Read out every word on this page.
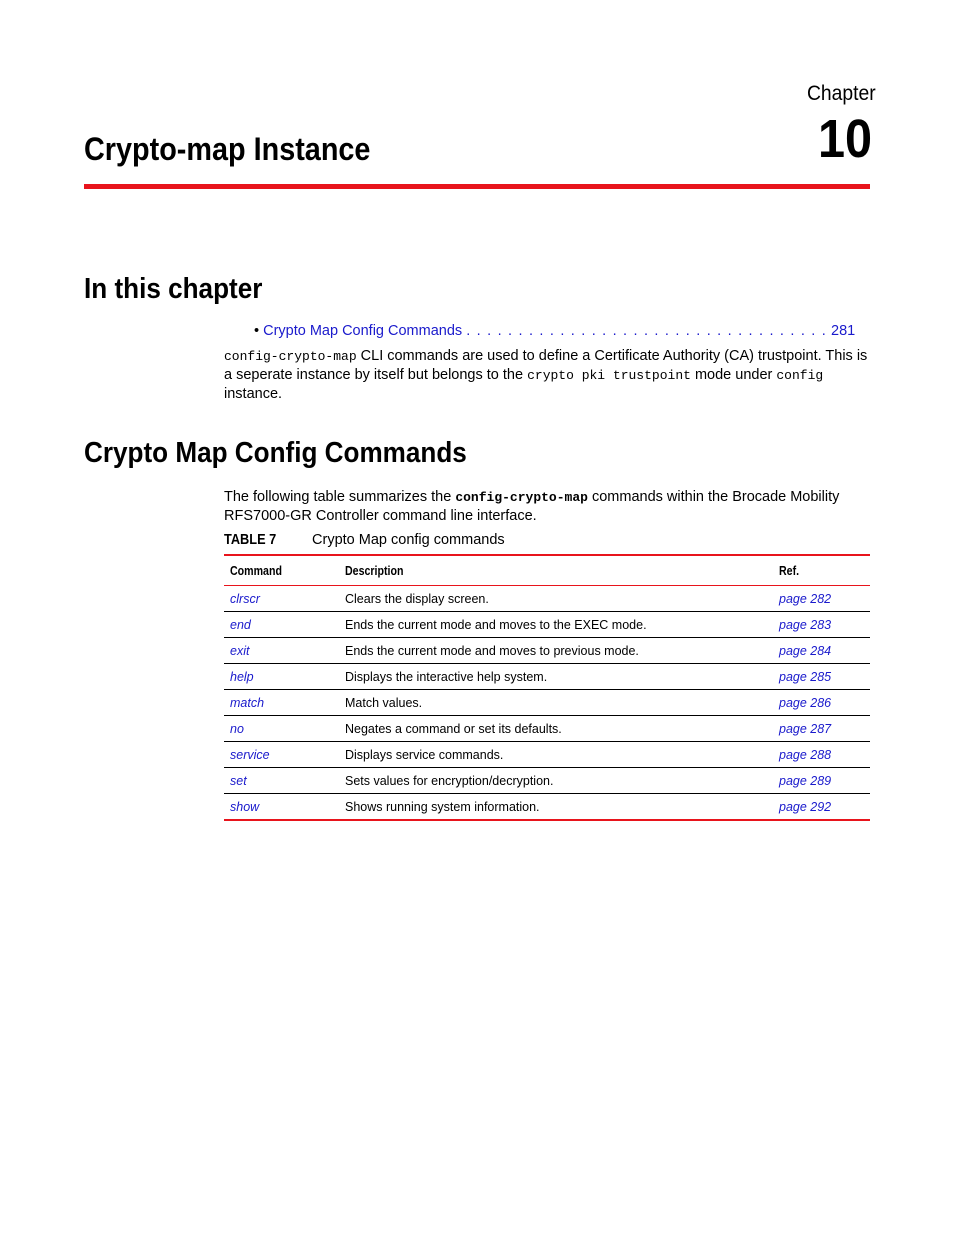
Chapter
10
Crypto-map Instance
In this chapter
• Crypto Map Config Commands . . . . . . . . . . . . . . . . . . . . . . . . . . . . . . . . . . . 281
config-crypto-map CLI commands are used to define a Certificate Authority (CA) trustpoint. This is a seperate instance by itself but belongs to the crypto pki trustpoint mode under config
instance.
Crypto Map Config Commands
The following table summarizes the config-crypto-map commands within the Brocade Mobility RFS7000-GR Controller command line interface.
TABLE 7 Crypto Map config commands
Command	Description	Ref.
clrscr	Clears the display screen.	page 282
end	Ends the current mode and moves to the EXEC mode.	page 283
exit	Ends the current mode and moves to previous mode.	page 284
help	Displays the interactive help system.	page 285
match	Match values.	page 286
no	Negates a command or set its defaults.	page 287
service	Displays service commands.	page 288
set	Sets values for encryption/decryption.	page 289
show	Shows running system information.	page 292
